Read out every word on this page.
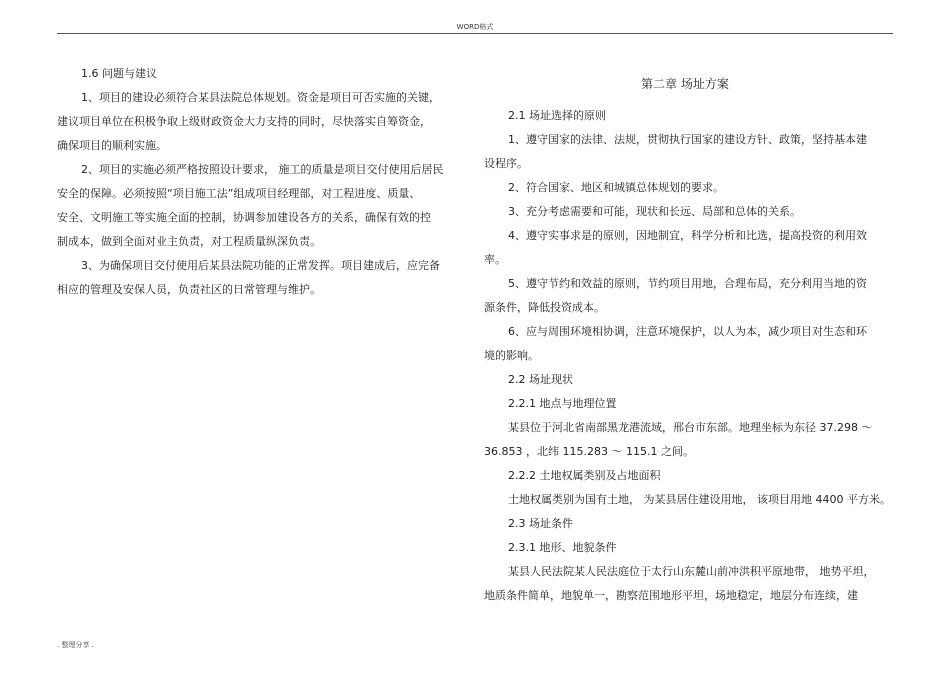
WORD格式
1.6 问题与建议
1、项目的建设必须符合某县法院总体规划。资金是项目可否实施的关键，
建议项目单位在积极争取上级财政资金大力支持的同时，尽快落实自筹资金，
确保项目的顺利实施。
2、项目的实施必须严格按照设计要求， 施工的质量是项目交付使用后居民
安全的保障。必须按照“项目施工法”组成项目经理部，对工程进度、质量、
安全、文明施工等实施全面的控制，协调参加建设各方的关系，确保有效的控
制成本，做到全面对业主负责，对工程质量纵深负责。
3、为确保项目交付使用后某县法院功能的正常发挥。项目建成后，应完备
相应的管理及安保人员，负责社区的日常管理与维护。
第二章 场址方案
2.1 场址选择的原则
1、遵守国家的法律、法规，贯彻执行国家的建设方针、政策，坚持基本建
设程序。
2、符合国家、地区和城镇总体规划的要求。
3、充分考虑需要和可能，现状和长远、局部和总体的关系。
4、遵守实事求是的原则，因地制宜，科学分析和比选，提高投资的利用效
率。
5、遵守节约和效益的原则，节约项目用地，合理布局，充分利用当地的资
源条件，降低投资成本。
6、应与周围环境相协调，注意环境保护，以人为本，减少项目对生态和环
境的影响。
2.2 场址现状
2.2.1 地点与地理位置
某县位于河北省南部黑龙港流域，邢台市东部。地理坐标为东径 37.298 ～
36.853 ，北纬 115.283 ～ 115.1 之间。
2.2.2 土地权属类别及占地面积
土地权属类别为国有土地， 为某县居住建设用地， 该项目用地 4400 平方米。
2.3 场址条件
2.3.1 地形、地貌条件
某县人民法院某人民法庭位于太行山东麓山前冲洪积平原地带， 地势平坦，
地质条件简单，地貌单一，勘察范围地形平坦，场地稳定，地层分布连续，建
. 整理分享 .
